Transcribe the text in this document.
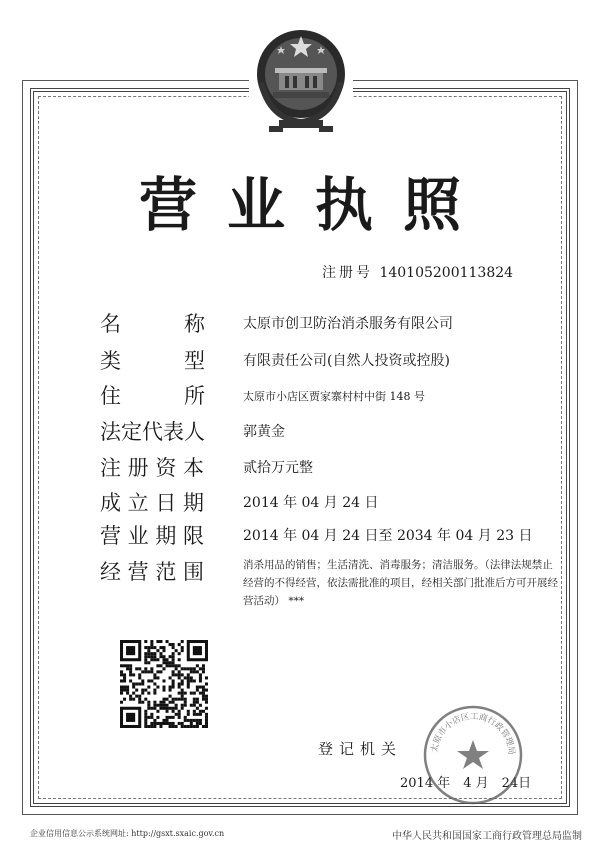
营业执照
注册号 140105200113824
名　　　称	太原市创卫防治消杀服务有限公司
类　　　型	有限责任公司(自然人投资或控股)
住　　　所	太原市小店区贾家寨村村中街 148 号
法定代表人	郭黄金
注 册 资 本	贰拾万元整
成 立 日 期	2014 年 04 月 24 日
营 业 期 限	2014 年 04 月 24 日至 2034 年 04 月 23 日
经 营 范 围	消杀用品的销售；生活清洗、消毒服务；清洁服务。（法律法规禁止经营的不得经营，依法需批准的项目，经相关部门批准后方可开展经营活动） ***
登记机关
2014 年　4 月　24日
太原市小店区工商行政管理局
企业信用信息公示系统网址: http://gsxt.sxaic.gov.cn	中华人民共和国国家工商行政管理总局监制
